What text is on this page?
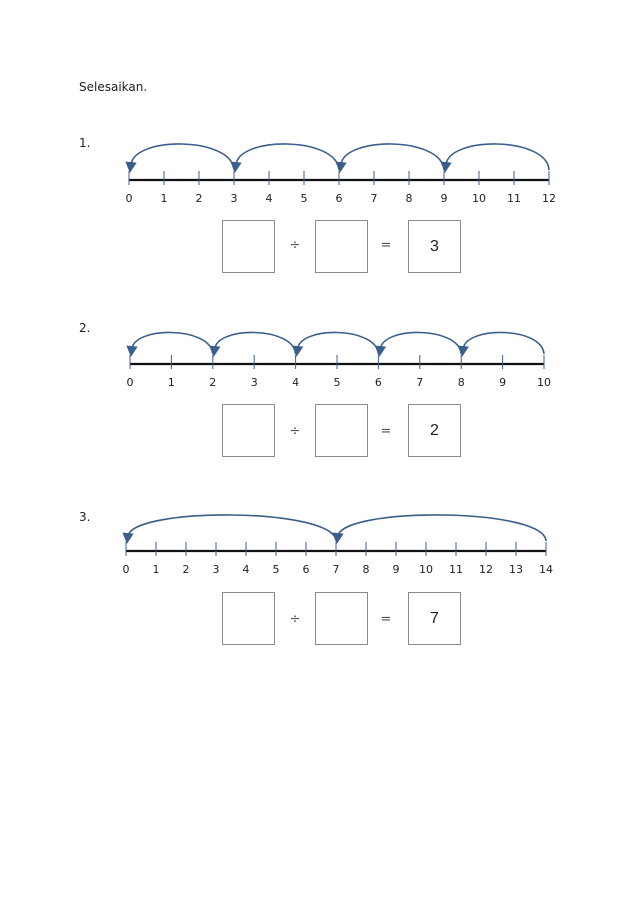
Selesaikan.
1.
0	1	2	3	4	5	6	7	8	9 10 11 12
÷	=	3
2.
0	1	2	3	4	5	6	7	8	9	10
÷	=	2
3.
0 1 2 3 4 5 6 7 8 9 10 11 12 13 14
÷	=	7
